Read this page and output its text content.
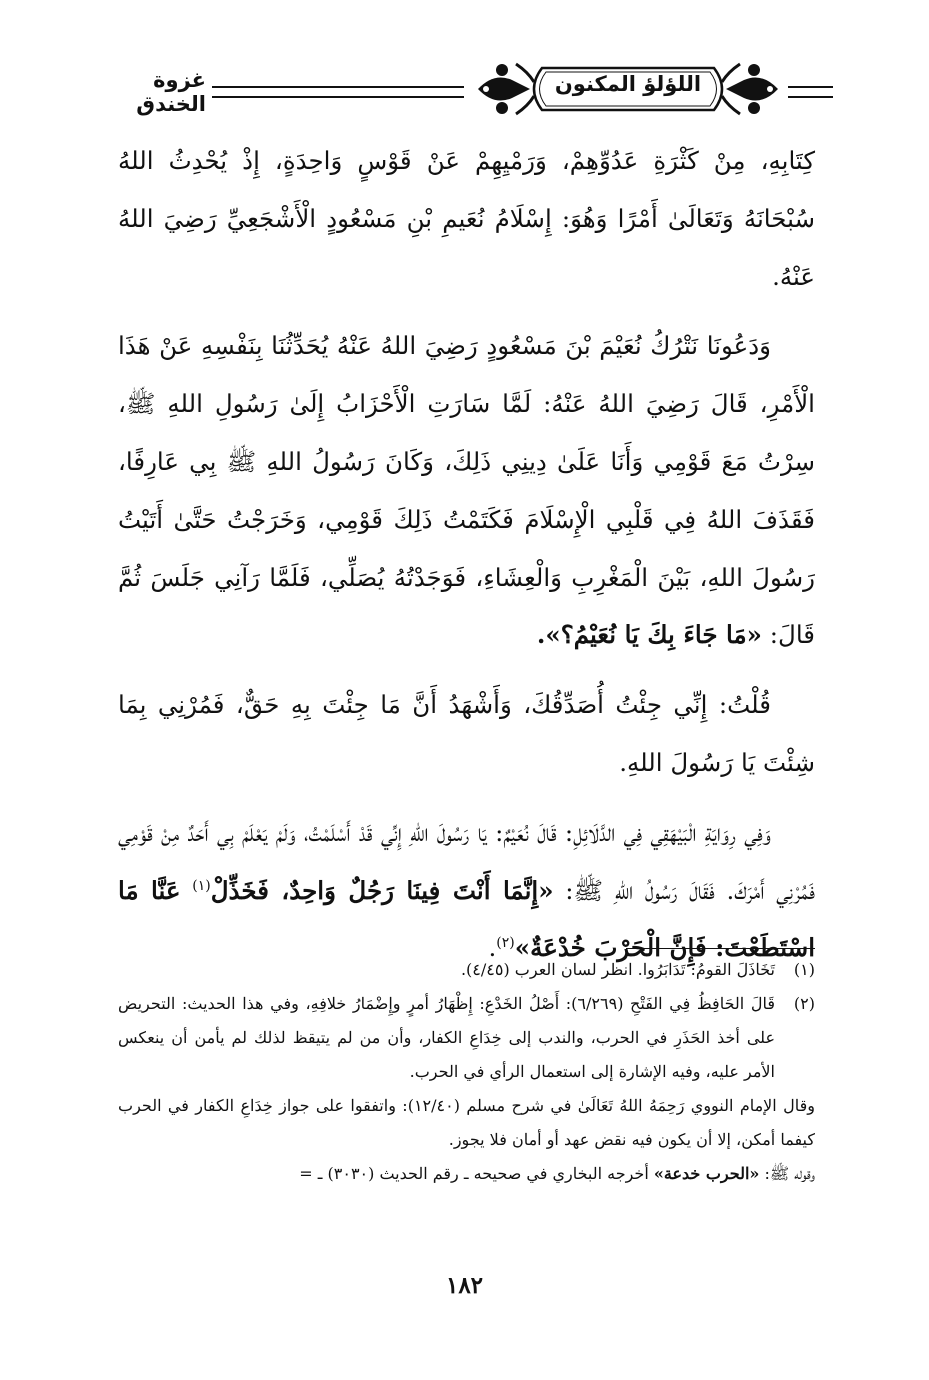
غزوة الخندق
اللؤلؤ المكنون

كِتَابِهِ، مِنْ كَثْرَةِ عَدُوِّهِمْ، وَرَمْيِهِمْ عَنْ قَوْسٍ وَاحِدَةٍ، إِذْ يُحْدِثُ اللهُ سُبْحَانَهُ وَتَعَالَىٰ أَمْرًا وَهُوَ: إِسْلَامُ نُعَيمِ بْنِ مَسْعُودٍ الْأَشْجَعِيِّ رَضِيَ اللهُ عَنْهُ.

وَدَعُونَا نَتْرُكُ نُعَيْمَ بْنَ مَسْعُودٍ رَضِيَ اللهُ عَنْهُ يُحَدِّثُنَا بِنَفْسِهِ عَنْ هَذَا الْأَمْرِ، قَالَ رَضِيَ اللهُ عَنْهُ: لَمَّا سَارَتِ الْأَحْزَابُ إِلَىٰ رَسُولِ اللهِ ﷺ، سِرْتُ مَعَ قَوْمِي وَأَنَا عَلَىٰ دِينِي ذَلِكَ، وَكَانَ رَسُولُ اللهِ ﷺ بِي عَارِفًا، فَقَذَفَ اللهُ فِي قَلْبِي الْإِسْلَامَ فَكَتَمْتُ ذَلِكَ قَوْمِي، وَخَرَجْتُ حَتَّىٰ أَتَيْتُ رَسُولَ اللهِ، بَيْنَ الْمَغْرِبِ وَالْعِشَاءِ، فَوَجَدْتُهُ يُصَلِّي، فَلَمَّا رَآنِي جَلَسَ ثُمَّ قَالَ: «مَا جَاءَ بِكَ يَا نُعَيْمُ؟».

قُلْتُ: إِنِّي جِئْتُ أُصَدِّقُكَ، وَأَشْهَدُ أَنَّ مَا جِئْتَ بِهِ حَقٌّ، فَمُرْنِي بِمَا شِئْتَ يَا رَسُولَ اللهِ.

وَفِي رِوَايَةِ الْبَيْهَقِي فِي الدَّلَائِلِ: قَالَ نُعَيْمٌ: يَا رَسُولَ اللهِ إِنِّي قَدْ أَسْلَمْتُ، وَلَمْ يَعْلَمْ بِي أَحَدٌ مِنْ قَوْمِي فَمُرْنِي أَمْرَكَ. فَقَالَ رَسُولُ اللهِ ﷺ: «إِنَّمَا أَنْتَ فِينَا رَجُلٌ وَاحِدٌ، فَخَذِّلْ$^{(١)}$ عَنَّا مَا اسْتَطَعْتَ: فَإِنَّ الْحَرْبَ خُدْعَةٌ»$^{(٢)}$.

(١)
تَخَاذَلَ القومُ: تَدَابَرُوا. انظر لسان العرب (٤/٤٥).
(٢)
قَالَ الحَافِظُ فِي الفَتْحِ (٦/٢٦٩): أَصْلُ الخَدْعِ: إِظْهَارُ أمرٍ وإِضْمَارُ خلافِهِ، وفي هذا الحديث: التحريض على أخذ الحَذَرِ في الحرب، والندب إلى خِدَاعِ الكفار، وأن من لم يتيقظ لذلك لم يأمن أن ينعكس الأمر عليه، وفيه الإشارة إلى استعمال الرأي في الحرب.

وقال الإمام النووي رَحِمَهُ اللهُ تَعَالَىٰ في شرح مسلم (١٢/٤٠): واتفقوا على جواز خِدَاعِ الكفار في الحرب كيفما أمكن، إلا أن يكون فيه نقض عهد أو أمان فلا يجوز.

وقوله ﷺ: «الحرب خدعة» أخرجه البخاري في صحيحه ـ رقم الحديث (٣٠٣٠) ـ =

١٨٢
